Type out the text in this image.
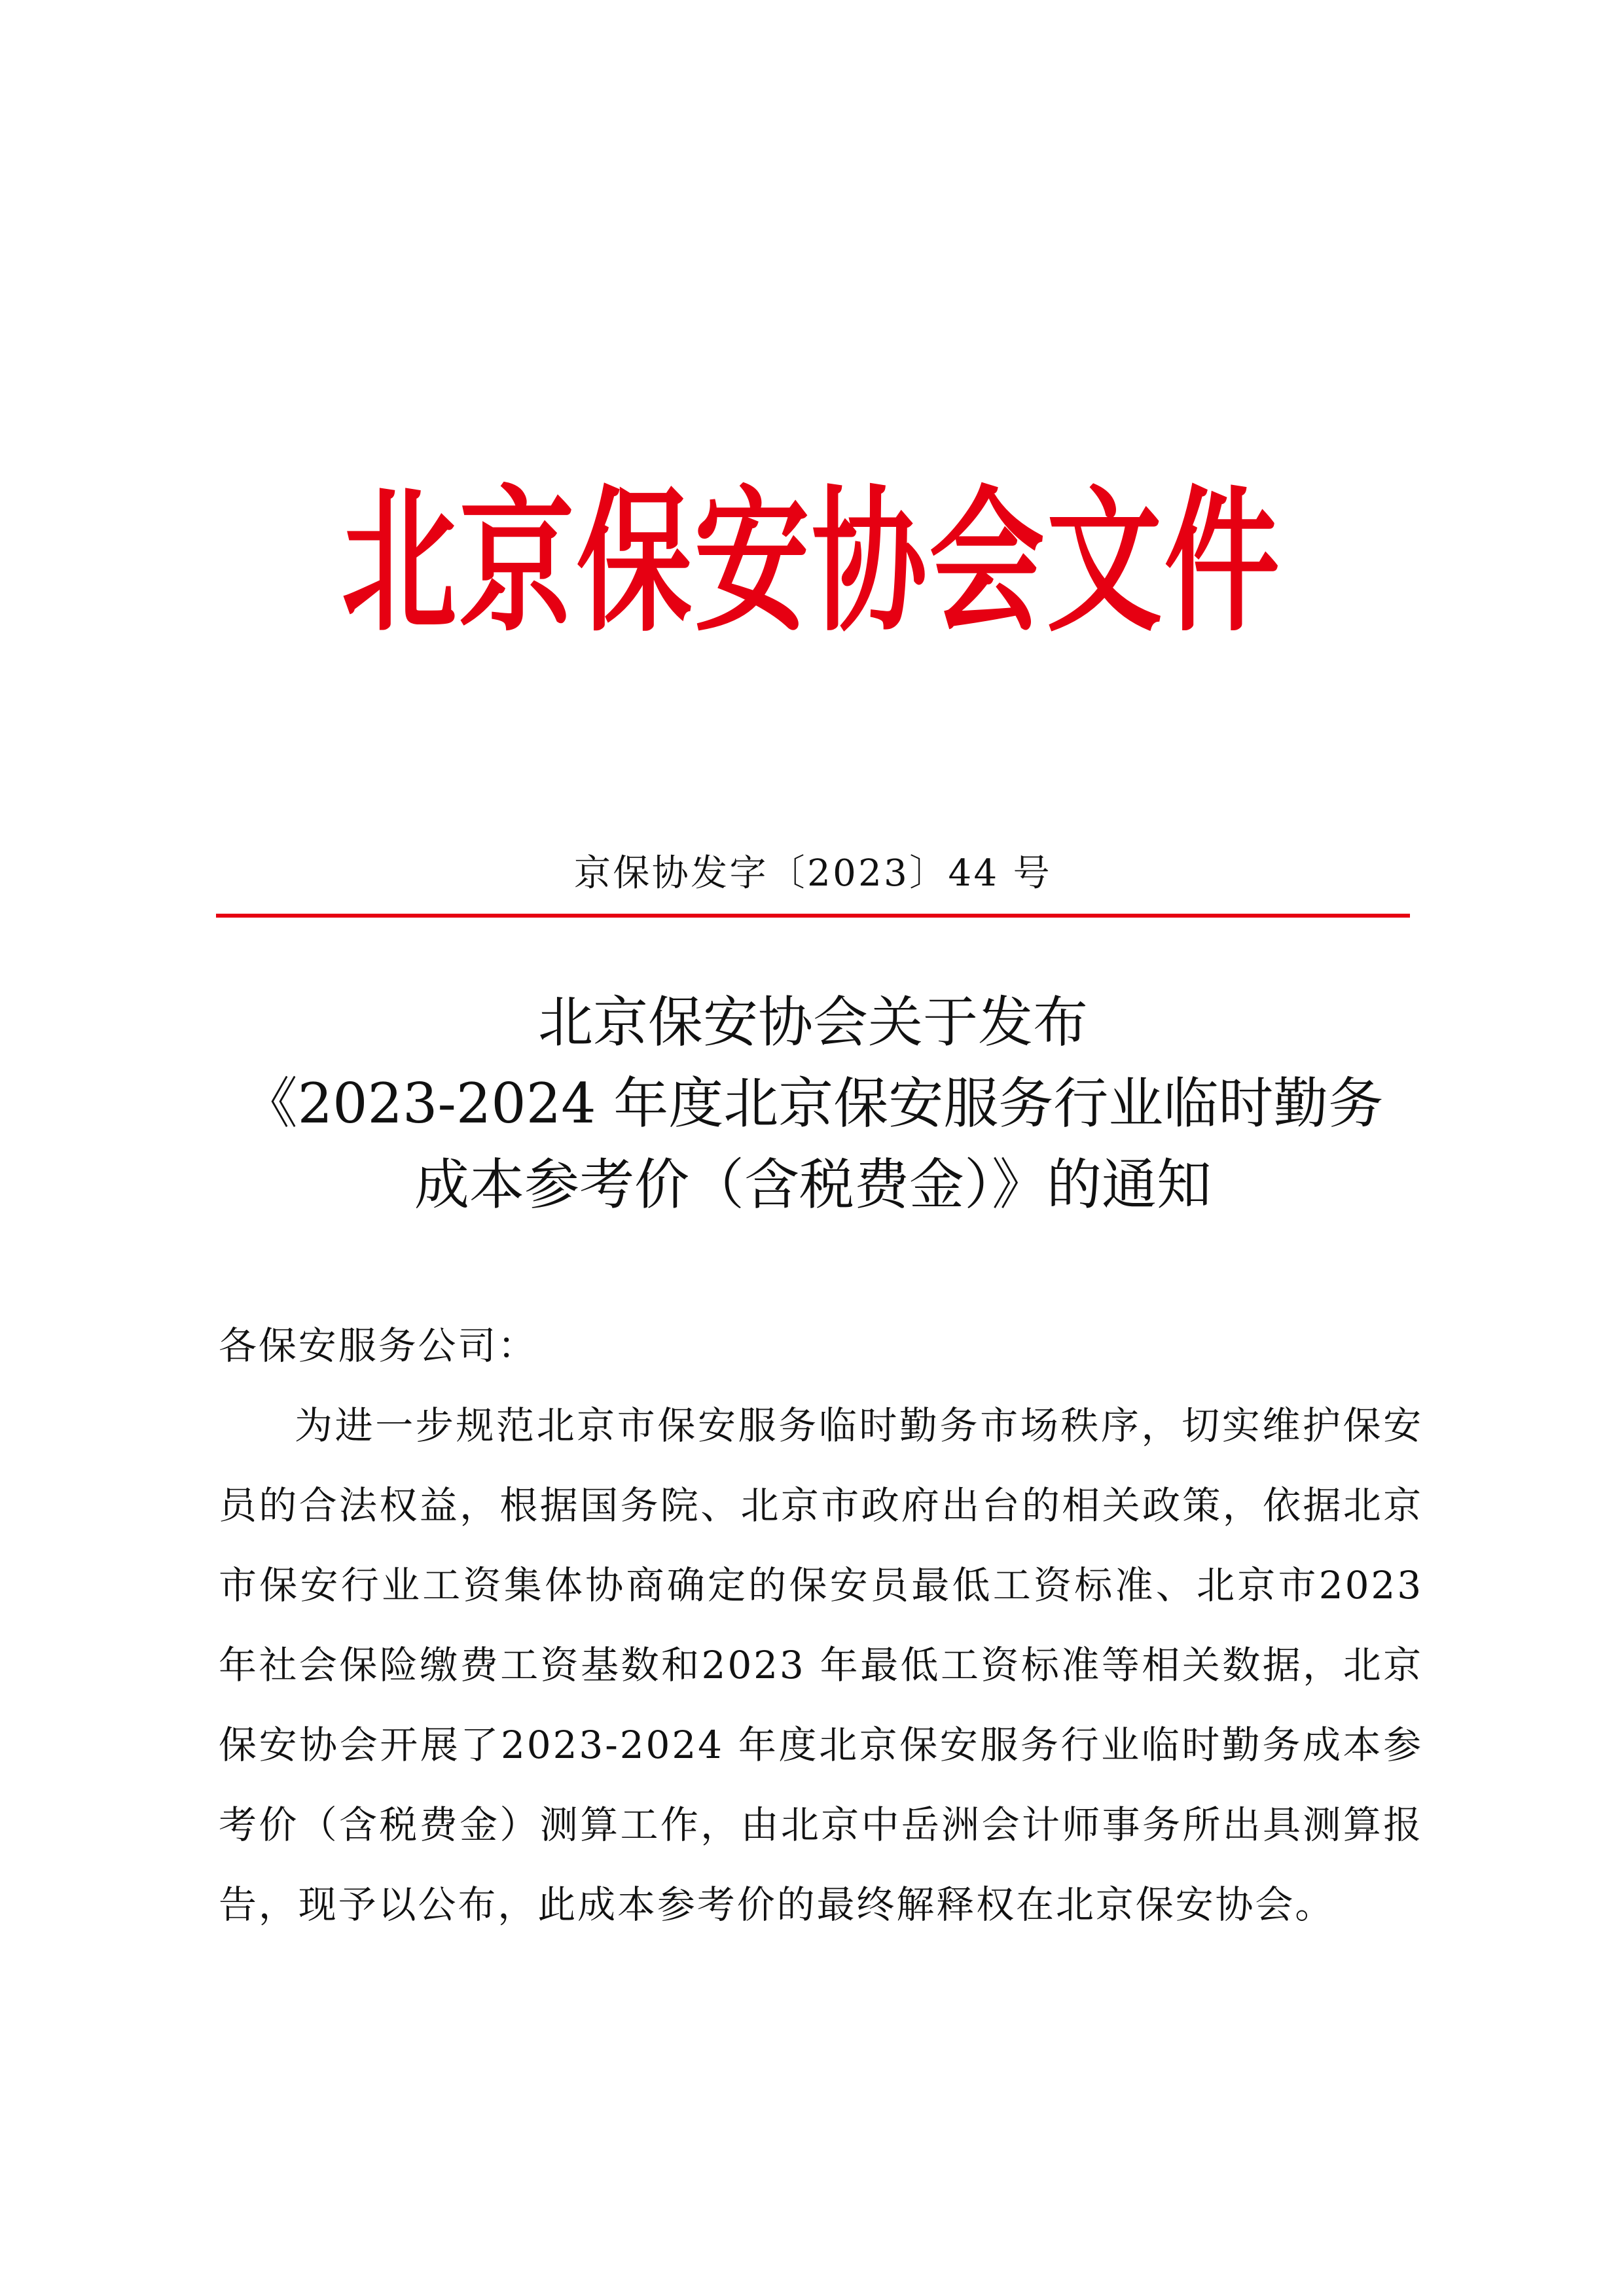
北京保安协会文件
京保协发字〔2023〕44 号
北京保安协会关于发布
《2023-2024 年度北京保安服务行业临时勤务
成本参考价（含税费金）》的通知

各保安服务公司：

为进一步规范北京市保安服务临时勤务市场秩序，切实维护保安员的合法权益，根据国务院、北京市政府出台的相关政策，依据北京市保安行业工资集体协商确定的保安员最低工资标准、北京市2023 年社会保险缴费工资基数和2023 年最低工资标准等相关数据，北京保安协会开展了2023-2024 年度北京保安服务行业临时勤务成本参考价（含税费金）测算工作，由北京中岳洲会计师事务所出具测算报告，现予以公布，此成本参考价的最终解释权在北京保安协会。
